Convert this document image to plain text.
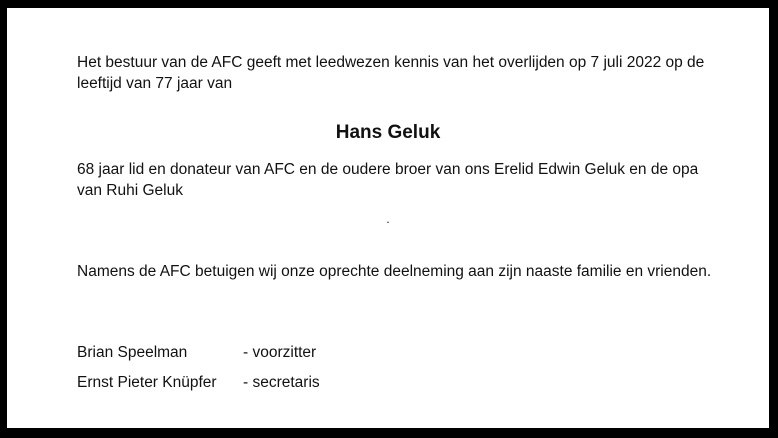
Het bestuur van de AFC geeft met leedwezen kennis van het overlijden op 7 juli 2022 op de leeftijd van 77 jaar van
Hans Geluk
68 jaar lid en donateur van AFC en de oudere broer van ons Erelid Edwin Geluk en de opa van Ruhi Geluk
.
Namens de AFC betuigen wij onze oprechte deelneming aan zijn naaste familie en vrienden.
Brian Speelman	- voorzitter
Ernst Pieter Knüpfer - secretaris
